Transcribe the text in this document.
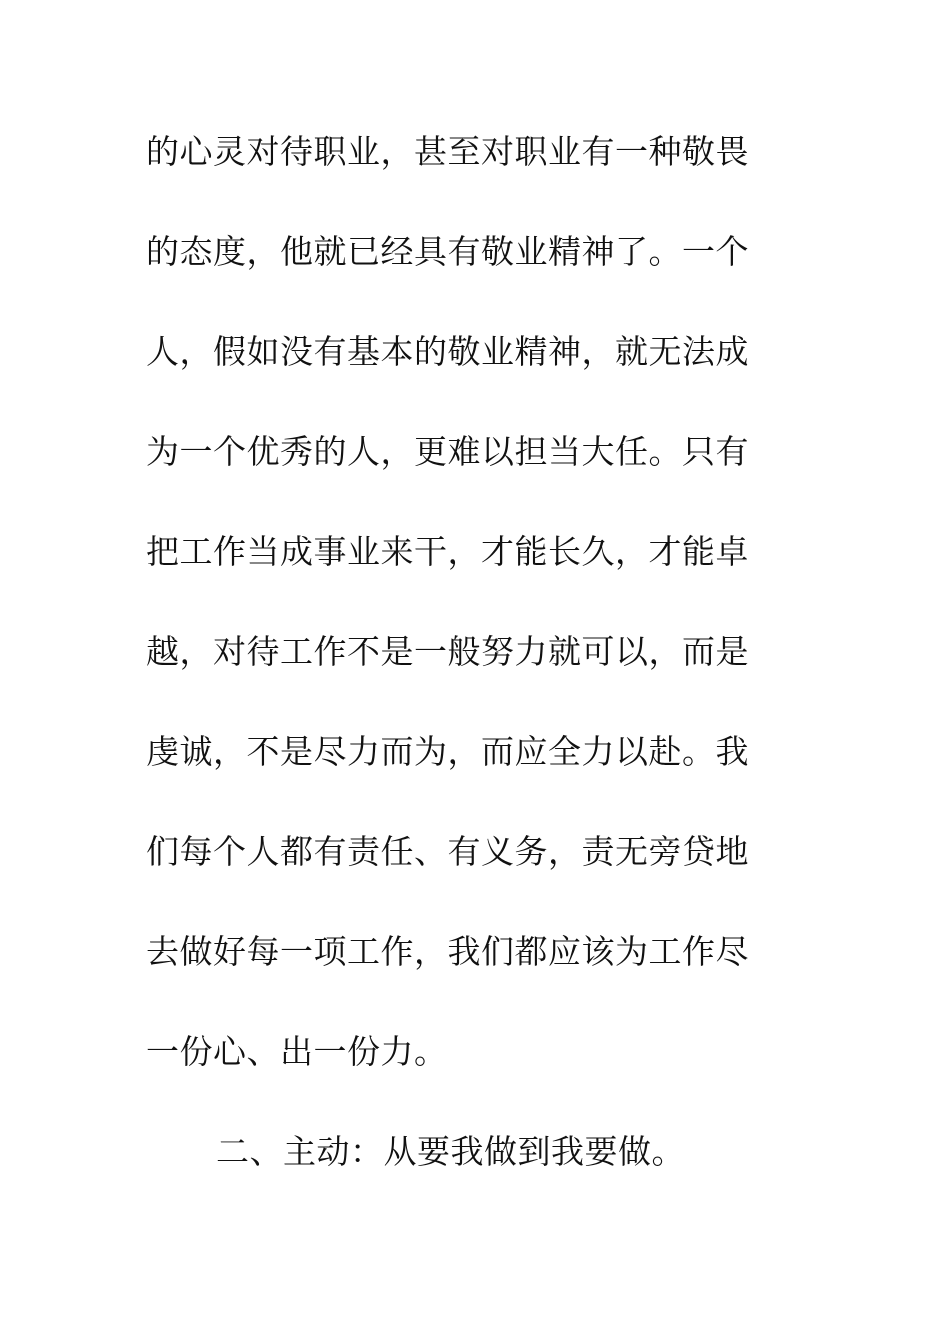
的心灵对待职业，甚至对职业有一种敬畏
的态度，他就已经具有敬业精神了。一个
人，假如没有基本的敬业精神，就无法成
为一个优秀的人，更难以担当大任。只有
把工作当成事业来干，才能长久，才能卓
越，对待工作不是一般努力就可以，而是
虔诚，不是尽力而为，而应全力以赴。我
们每个人都有责任、有义务，责无旁贷地
去做好每一项工作，我们都应该为工作尽
一份心、出一份力。
二、主动：从要我做到我要做。
